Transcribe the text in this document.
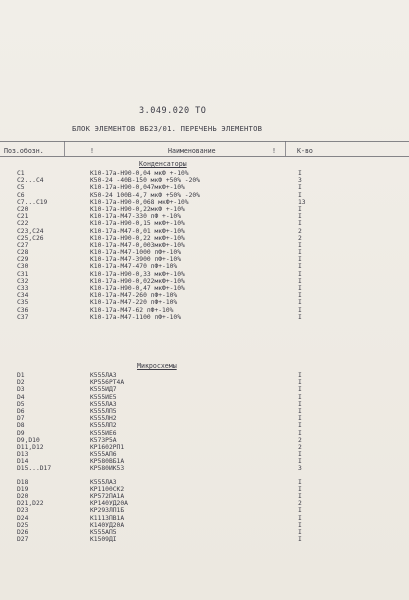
3.049.020 ТО
БЛОК ЭЛЕМЕНТОВ ВБ23/01. ПЕРЕЧЕНЬ ЭЛЕМЕНТОВ
Поз.обозн.	!	Наименование	!	К-во
Конденсаторы
C1	К10-17а-Н90-0,04 мкФ +-10%	I
C2...C4	К50-24 -40В-150 мкФ +50% -20%	3
C5	К10-17а-Н90-0,047мкФ+-10%	I
C6	К50-24 100В-4,7 мкФ +50% -20%	I
C7...C19	К10-17а-Н90-0,068 мкФ+-10%	13
C20	К10-17а-Н90-0,22мкФ +-10%	I
C21	К10-17а-М47-330 пФ +-10%	I
C22	К10-17а-Н90-0,15 мкФ+-10%	I
C23,C24	К10-17а-М47-0,01 мкФ+-10%	2
C25,C26	К10-17а-Н90-0,22 мкФ+-10%	2
C27	К10-17а-М47-0,003мкФ+-10%	I
C28	К10-17а-М47-1000 пФ+-10%	I
C29	К10-17а-М47-3900 пФ+-10%	I
C30	К10-17а-М47-470 пФ+-10%	I
C31	К10-17а-Н90-0,33 мкФ+-10%	I
C32	К10-17а-Н90-0,022мкФ+-10%	I
C33	К10-17а-Н90-0,47 мкФ+-10%	I
C34	К10-17а-М47-260 пФ+-10%	I
C35	К10-17а-М47-220 пФ+-10%	I
C36	К10-17а-М47-62 пФ+-10%	I
C37	К10-17а-М47-1100 пФ+-10%	I
Микросхемы
D1	К555ЛА3	I
D2	КР556РТ4А	I
D3	К555ИД7	I
D4	К555ИЕ5	I
D5	К555ЛА3	I
D6	К555ЛП5	I
D7	К555ЛН2	I
D8	К555ЛП2	I
D9	К555ИЕ6	I
D9,D10	К573Р5А	2
D11,D12	КР1602РП1	2
D13	К555АП6	I
D14	КР580ВБ1А	I
D15...D17	КР580ИК53	3
D18	К555ЛА3	I
D19	КР1100СК2	I
D20	КР572ПА1А	I
D21,D22	КР140УД20А	2
D23	КР293ЛП1Б	I
D24	К1113ПВ1А	I
D25	К140УД20А	I
D26	К555АП5	I
D27	К1509ДI	I
